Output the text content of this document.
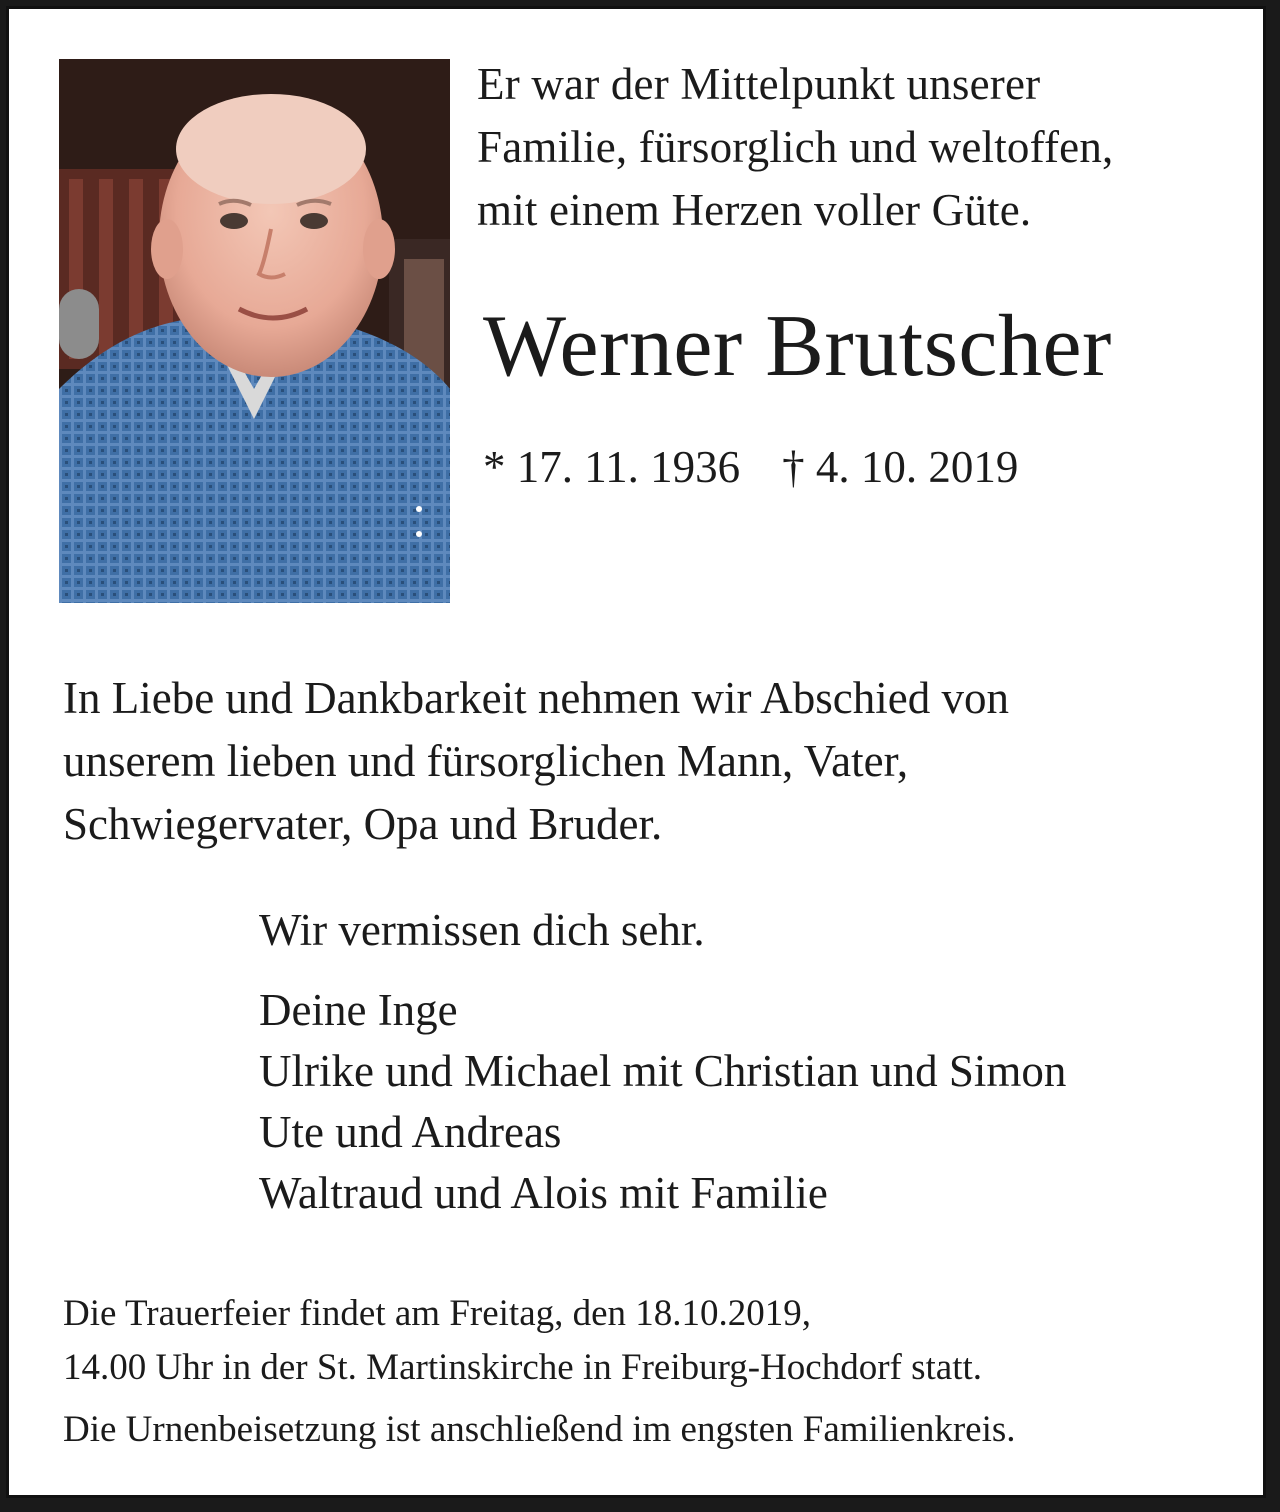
Er war der Mittelpunkt unserer
Familie, fürsorglich und weltoffen,
mit einem Herzen voller Güte.
Werner Brutscher
* 17. 11. 1936 † 4. 10. 2019
In Liebe und Dankbarkeit nehmen wir Abschied von
unserem lieben und fürsorglichen Mann, Vater,
Schwiegervater, Opa und Bruder.
Wir vermissen dich sehr.
Deine Inge
Ulrike und Michael mit Christian und Simon
Ute und Andreas
Waltraud und Alois mit Familie
Die Trauerfeier findet am Freitag, den 18.10.2019,
14.00 Uhr in der St. Martinskirche in Freiburg-Hochdorf statt.
Die Urnenbeisetzung ist anschließend im engsten Familienkreis.
